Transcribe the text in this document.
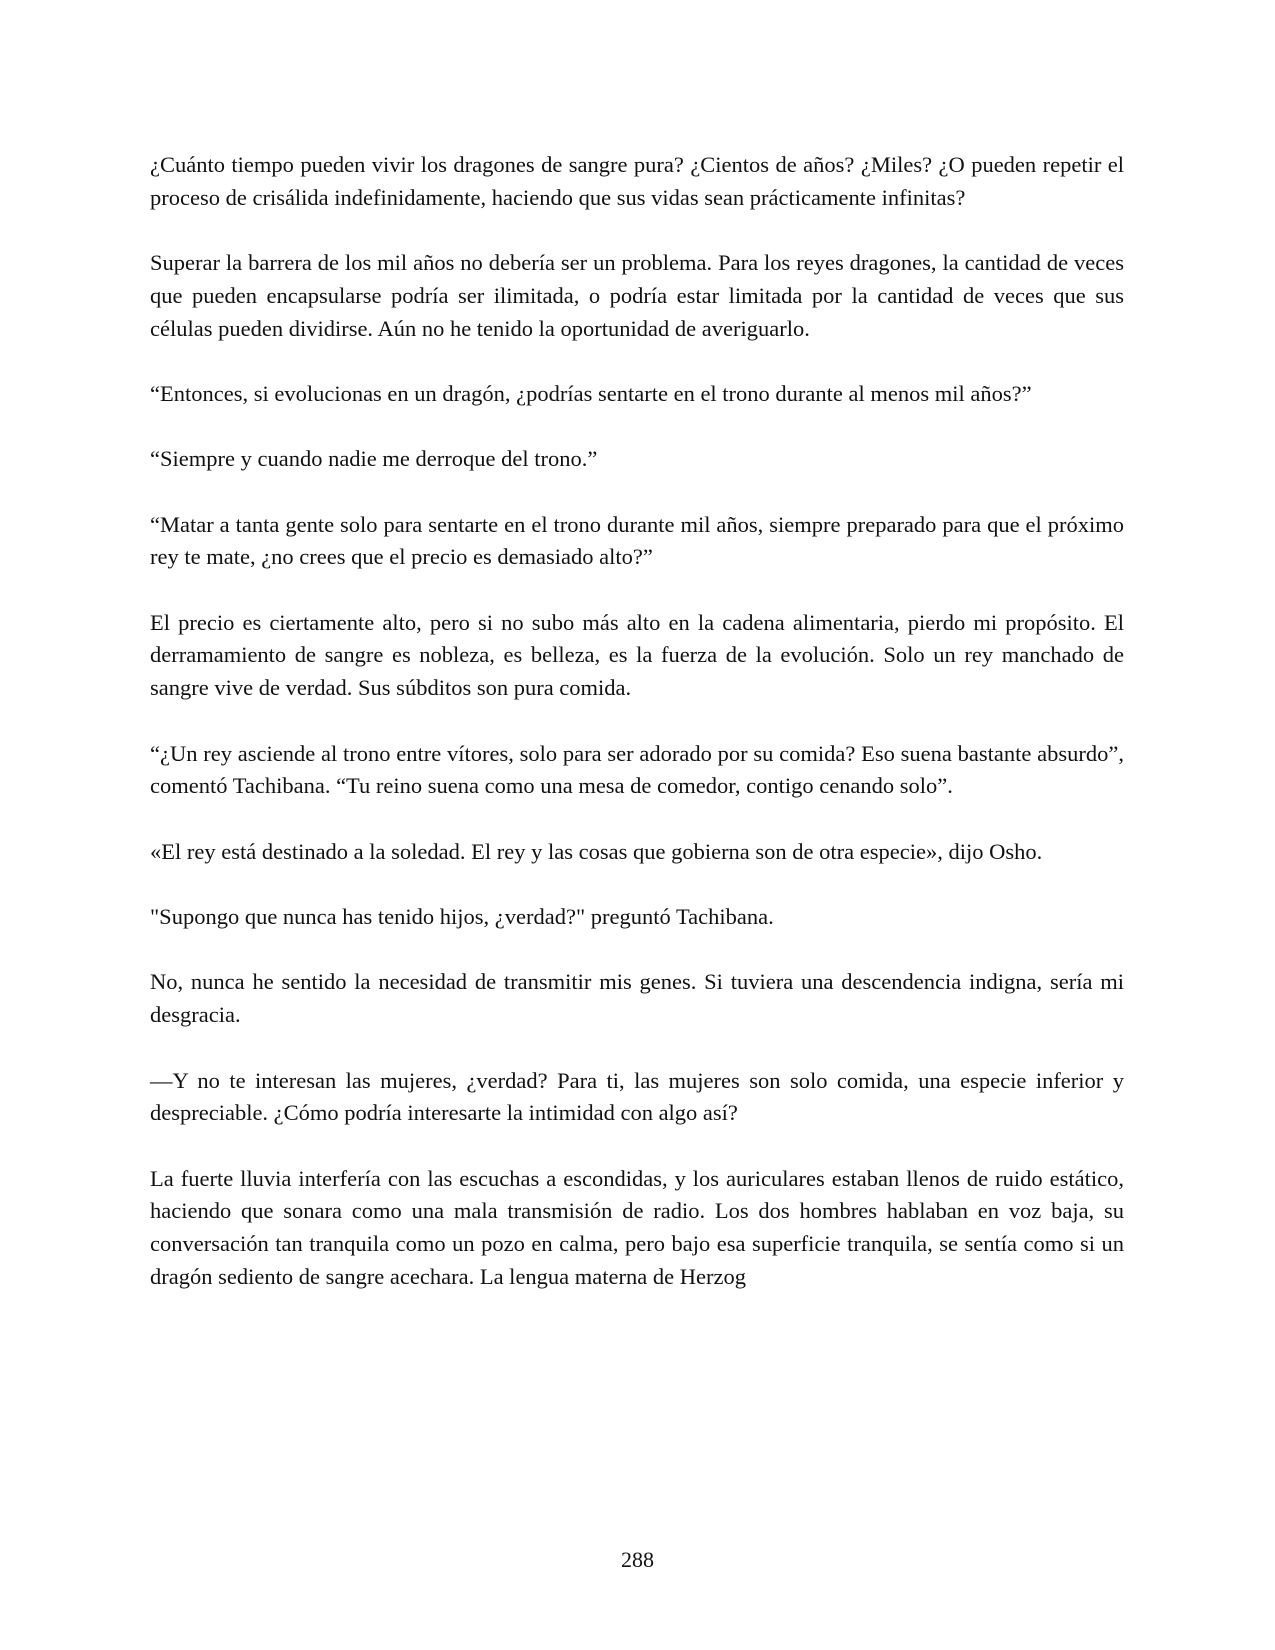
¿Cuánto tiempo pueden vivir los dragones de sangre pura? ¿Cientos de años? ¿Miles? ¿O pueden repetir el proceso de crisálida indefinidamente, haciendo que sus vidas sean prácticamente infinitas?

Superar la barrera de los mil años no debería ser un problema. Para los reyes dragones, la cantidad de veces que pueden encapsularse podría ser ilimitada, o podría estar limitada por la cantidad de veces que sus células pueden dividirse. Aún no he tenido la oportunidad de averiguarlo.

“Entonces, si evolucionas en un dragón, ¿podrías sentarte en el trono durante al menos mil años?”

“Siempre y cuando nadie me derroque del trono.”

“Matar a tanta gente solo para sentarte en el trono durante mil años, siempre preparado para que el próximo rey te mate, ¿no crees que el precio es demasiado alto?”

El precio es ciertamente alto, pero si no subo más alto en la cadena alimentaria, pierdo mi propósito. El derramamiento de sangre es nobleza, es belleza, es la fuerza de la evolución. Solo un rey manchado de sangre vive de verdad. Sus súbditos son pura comida.

“¿Un rey asciende al trono entre vítores, solo para ser adorado por su comida? Eso suena bastante absurdo”, comentó Tachibana. “Tu reino suena como una mesa de comedor, contigo cenando solo”.

«El rey está destinado a la soledad. El rey y las cosas que gobierna son de otra especie», dijo Osho.

"Supongo que nunca has tenido hijos, ¿verdad?" preguntó Tachibana.

No, nunca he sentido la necesidad de transmitir mis genes. Si tuviera una descendencia indigna, sería mi desgracia.

—Y no te interesan las mujeres, ¿verdad? Para ti, las mujeres son solo comida, una especie inferior y despreciable. ¿Cómo podría interesarte la intimidad con algo así?

La fuerte lluvia interfería con las escuchas a escondidas, y los auriculares estaban llenos de ruido estático, haciendo que sonara como una mala transmisión de radio. Los dos hombres hablaban en voz baja, su conversación tan tranquila como un pozo en calma, pero bajo esa superficie tranquila, se sentía como si un dragón sediento de sangre acechara. La lengua materna de Herzog

288
